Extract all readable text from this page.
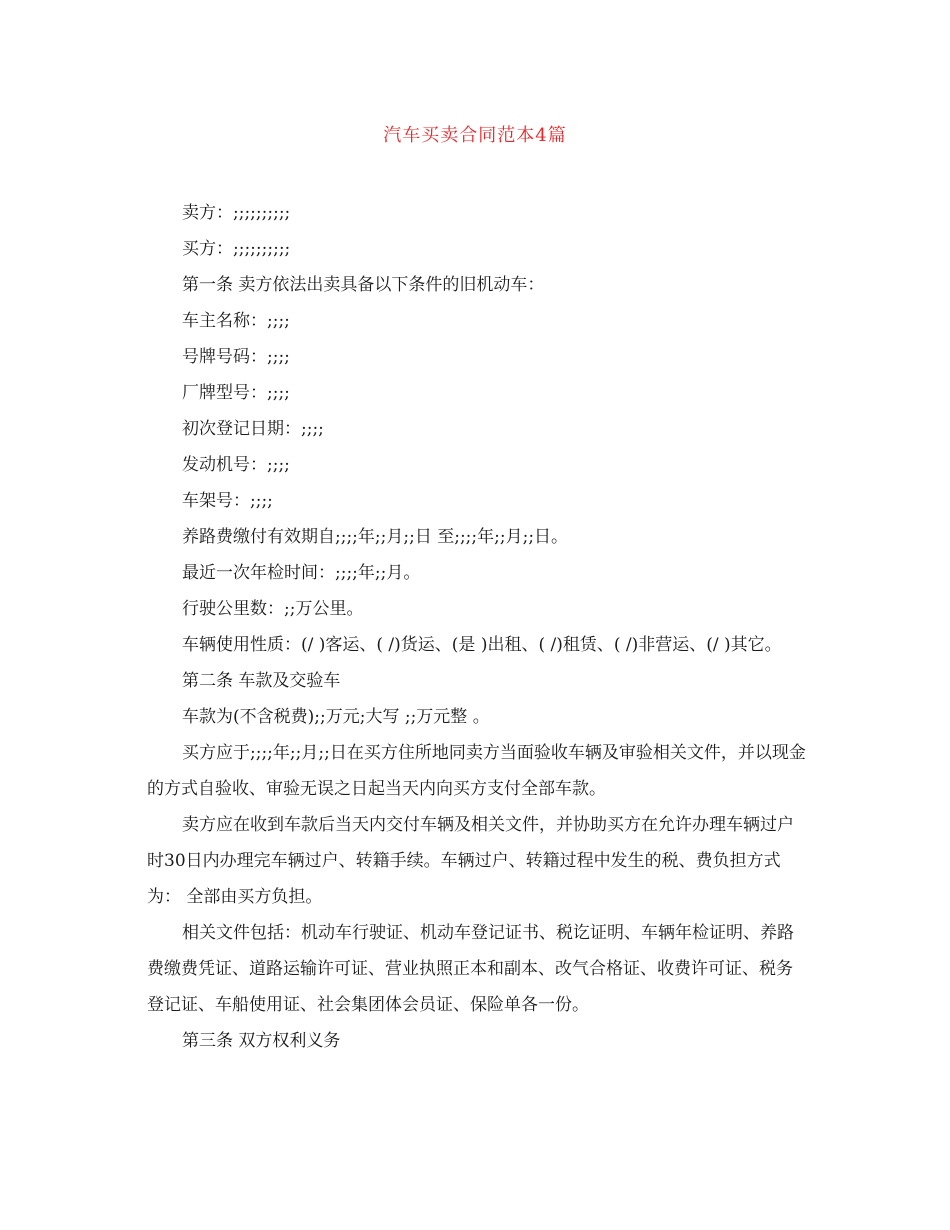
汽车买卖合同范本4篇

卖方：;;;;;;;;;;

买方：;;;;;;;;;;

第一条 卖方依法出卖具备以下条件的旧机动车：

车主名称：;;;;

号牌号码：;;;;

厂牌型号：;;;;

初次登记日期：;;;;

发动机号：;;;;

车架号：;;;;

养路费缴付有效期自;;;;年;;月;;日 至;;;;年;;月;;日。

最近一次年检时间：;;;;年;;月。

行驶公里数：;;万公里。

车辆使用性质：(/ )客运、( /)货运、(是 )出租、( /)租赁、( /)非营运、(/ )其它。

第二条 车款及交验车

车款为(不含税费);;万元;大写 ;;万元整 。

买方应于;;;;年;;月;;日在买方住所地同卖方当面验收车辆及审验相关文件，并以现金的方式自验收、审验无误之日起当天内向买方支付全部车款。

卖方应在收到车款后当天内交付车辆及相关文件，并协助买方在允许办理车辆过户时30日内办理完车辆过户、转籍手续。车辆过户、转籍过程中发生的税、费负担方式为： 全部由买方负担。

相关文件包括：机动车行驶证、机动车登记证书、税讫证明、车辆年检证明、养路费缴费凭证、道路运输许可证、营业执照正本和副本、改气合格证、收费许可证、税务登记证、车船使用证、社会集团体会员证、保险单各一份。

第三条 双方权利义务
